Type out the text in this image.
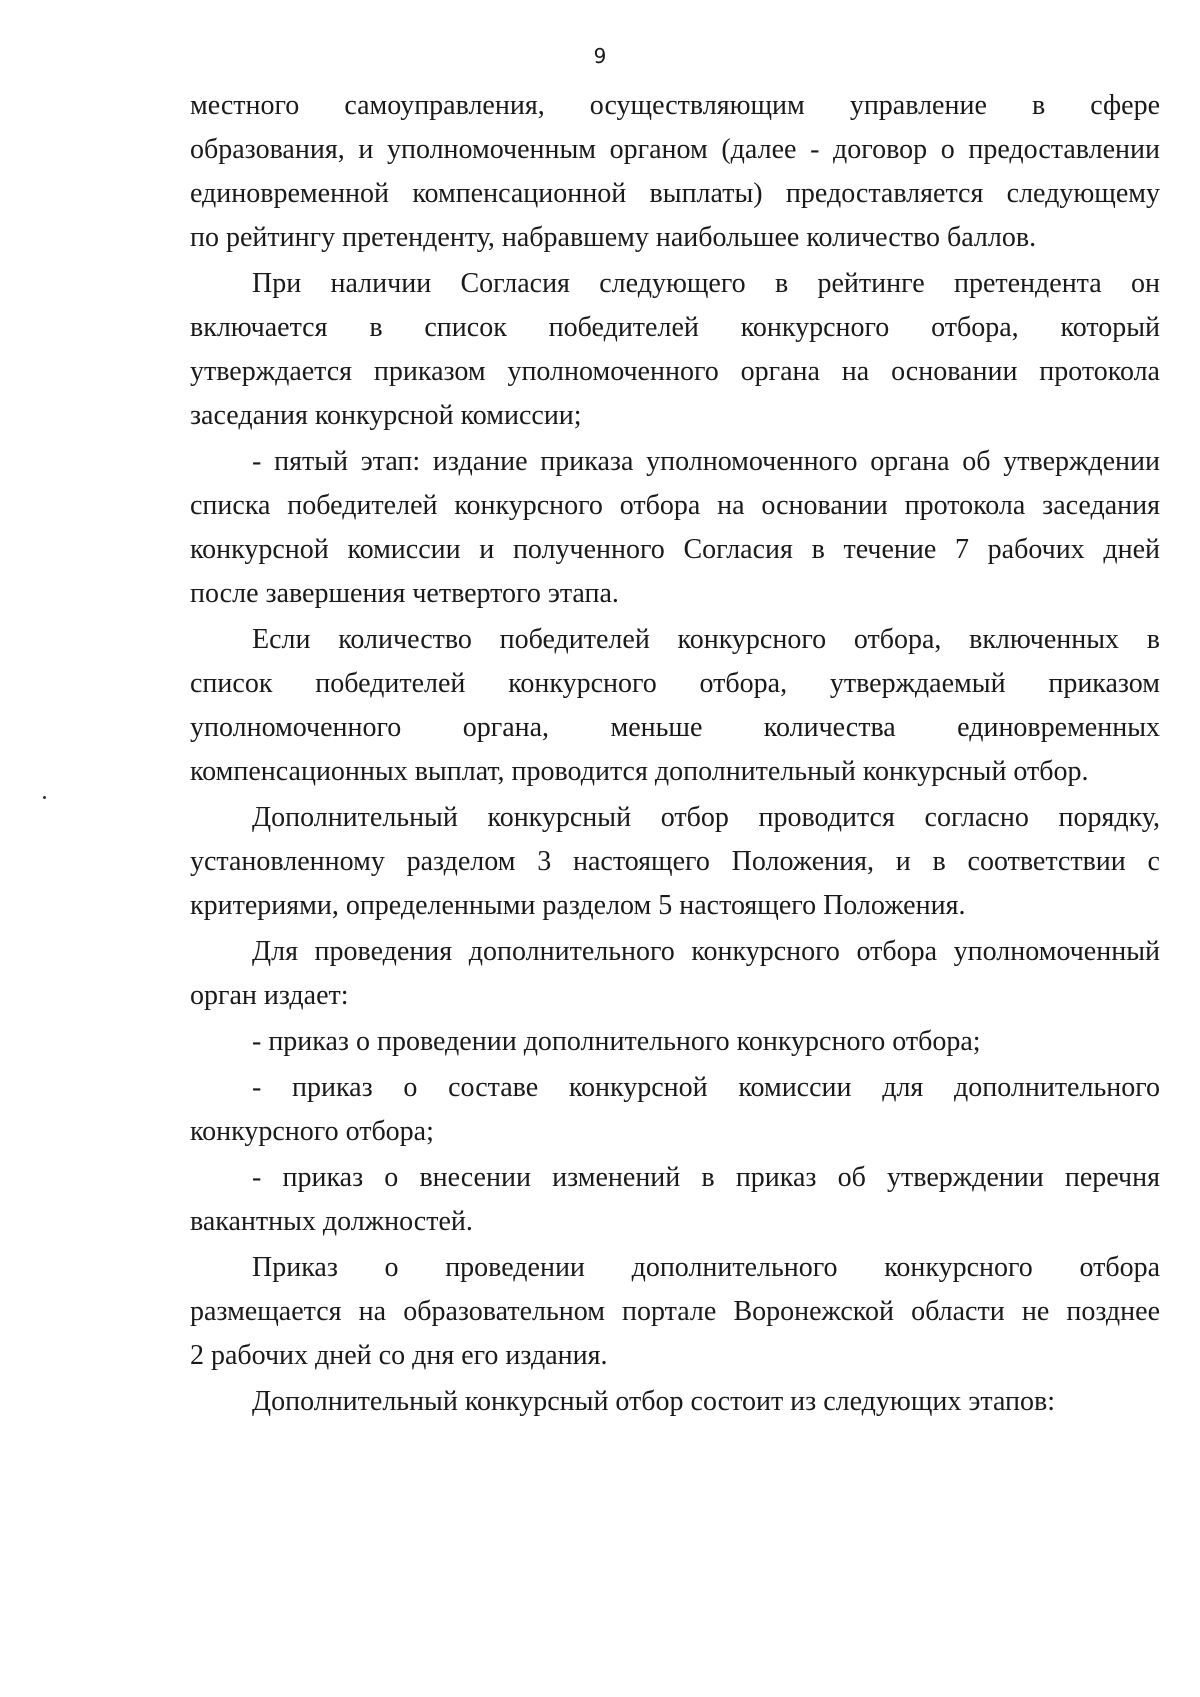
9
местного самоуправления, осуществляющим управление в сфере
образования, и уполномоченным органом (далее - договор о предоставлении
единовременной компенсационной выплаты) предоставляется следующему
по рейтингу претенденту, набравшему наибольшее количество баллов.
При наличии Согласия следующего в рейтинге претендента он
включается в список победителей конкурсного отбора, который
утверждается приказом уполномоченного органа на основании протокола
заседания конкурсной комиссии;
- пятый этап: издание приказа уполномоченного органа об утверждении
списка победителей конкурсного отбора на основании протокола заседания
конкурсной комиссии и полученного Согласия в течение 7 рабочих дней
после завершения четвертого этапа.
Если количество победителей конкурсного отбора, включенных в
список победителей конкурсного отбора, утверждаемый приказом
уполномоченного органа, меньше количества единовременных
компенсационных выплат, проводится дополнительный конкурсный отбор.
Дополнительный конкурсный отбор проводится согласно порядку,
установленному разделом 3 настоящего Положения, и в соответствии с
критериями, определенными разделом 5 настоящего Положения.
Для проведения дополнительного конкурсного отбора уполномоченный
орган издает:
- приказ о проведении дополнительного конкурсного отбора;
- приказ о составе конкурсной комиссии для дополнительного
конкурсного отбора;
- приказ о внесении изменений в приказ об утверждении перечня
вакантных должностей.
Приказ о проведении дополнительного конкурсного отбора
размещается на образовательном портале Воронежской области не позднее
2 рабочих дней со дня его издания.
Дополнительный конкурсный отбор состоит из следующих этапов:
